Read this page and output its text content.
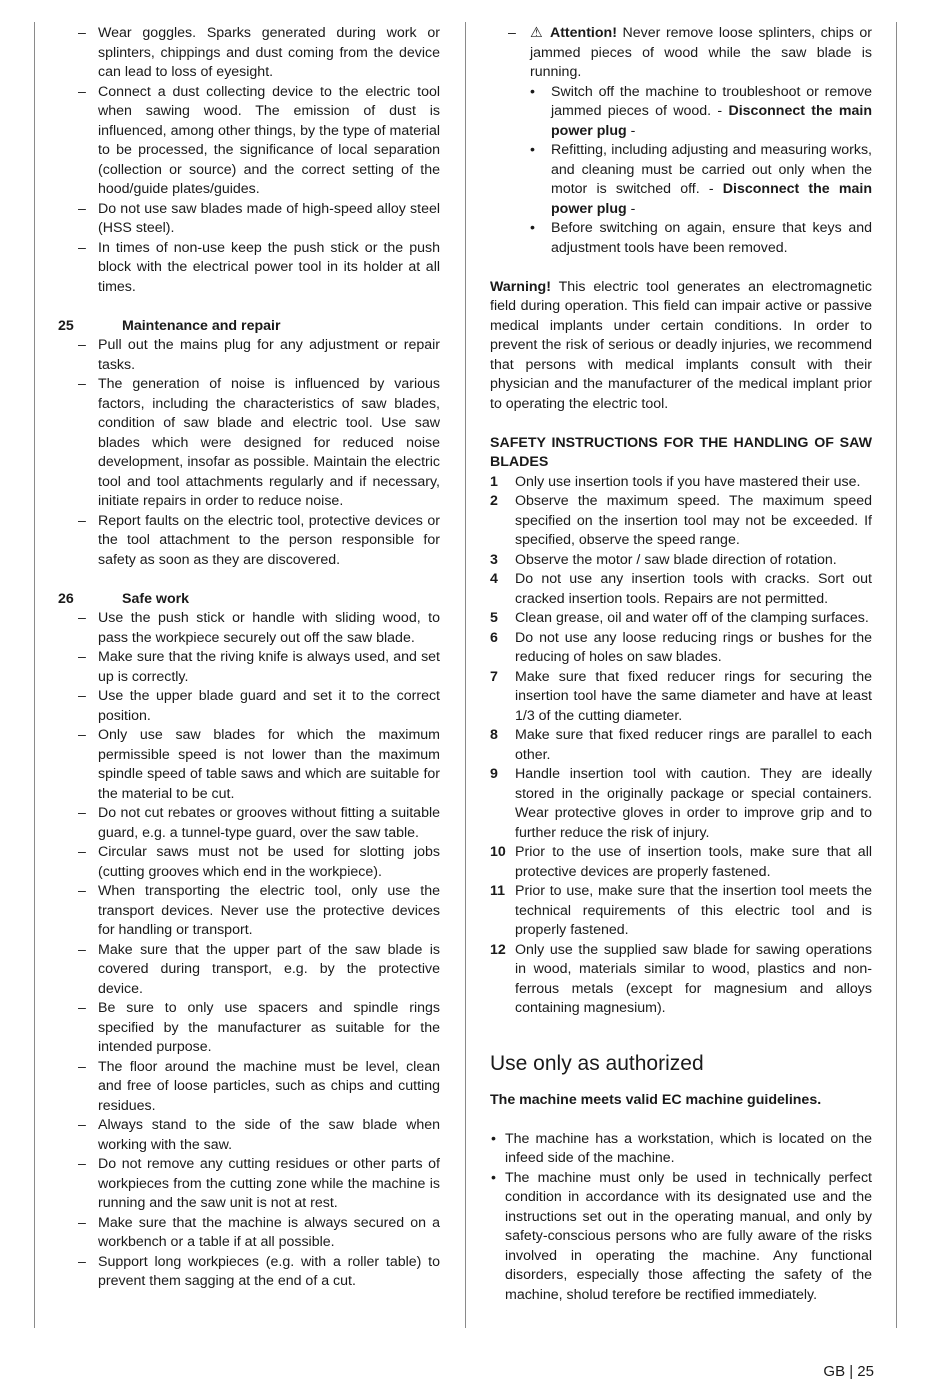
– Wear goggles. Sparks generated during work or splinters, chippings and dust coming from the device can lead to loss of eyesight.
– Connect a dust collecting device to the electric tool when sawing wood. The emission of dust is influenced, among other things, by the type of material to be processed, the significance of local separation (collection or source) and the correct setting of the hood/guide plates/guides.
– Do not use saw blades made of high-speed alloy steel (HSS steel).
– In times of non-use keep the push stick or the push block with the electrical power tool in its holder at all times.
25	Maintenance and repair
– Pull out the mains plug for any adjustment or repair tasks.
– The generation of noise is influenced by various factors, including the characteristics of saw blades, condition of saw blade and electric tool. Use saw blades which were designed for reduced noise development, insofar as possible. Maintain the electric tool and tool attachments regularly and if necessary, initiate repairs in order to reduce noise.
– Report faults on the electric tool, protective devices or the tool attachment to the person responsible for safety as soon as they are discovered.
26	Safe work
– Use the push stick or handle with sliding wood, to pass the workpiece securely out off the saw blade.
– Make sure that the riving knife is always used, and set up is correctly.
– Use the upper blade guard and set it to the correct position.
– Only use saw blades for which the maximum permissible speed is not lower than the maximum spindle speed of table saws and which are suitable for the material to be cut.
– Do not cut rebates or grooves without fitting a suitable guard, e.g. a tunnel-type guard, over the saw table.
– Circular saws must not be used for slotting jobs (cutting grooves which end in the workpiece).
– When transporting the electric tool, only use the transport devices. Never use the protective devices for handling or transport.
– Make sure that the upper part of the saw blade is covered during transport, e.g. by the protective device.
– Be sure to only use spacers and spindle rings specified by the manufacturer as suitable for the intended purpose.
– The floor around the machine must be level, clean and free of loose particles, such as chips and cutting residues.
– Always stand to the side of the saw blade when working with the saw.
– Do not remove any cutting residues or other parts of workpieces from the cutting zone while the machine is running and the saw unit is not at rest.
– Make sure that the machine is always secured on a workbench or a table if at all possible.
– Support long workpieces (e.g. with a roller table) to prevent them sagging at the end of a cut.
– ⚠ Attention! Never remove loose splinters, chips or jammed pieces of wood while the saw blade is running.
• Switch off the machine to troubleshoot or remove jammed pieces of wood. - Disconnect the main power plug -
• Refitting, including adjusting and measuring works, and cleaning must be carried out only when the motor is switched off. - Disconnect the main power plug -
• Before switching on again, ensure that keys and adjustment tools have been removed.
Warning! This electric tool generates an electromagnetic field during operation. This field can impair active or passive medical implants under certain conditions. In order to prevent the risk of serious or deadly injuries, we recommend that persons with medical implants consult with their physician and the manufacturer of the medical implant prior to operating the electric tool.
SAFETY INSTRUCTIONS FOR THE HANDLING OF SAW BLADES
1	Only use insertion tools if you have mastered their use.
2	Observe the maximum speed. The maximum speed specified on the insertion tool may not be exceeded. If specified, observe the speed range.
3	Observe the motor / saw blade direction of rotation.
4	Do not use any insertion tools with cracks. Sort out cracked insertion tools. Repairs are not permitted.
5	Clean grease, oil and water off of the clamping surfaces.
6	Do not use any loose reducing rings or bushes for the reducing of holes on saw blades.
7	Make sure that fixed reducer rings for securing the insertion tool have the same diameter and have at least 1/3 of the cutting diameter.
8	Make sure that fixed reducer rings are parallel to each other.
9	Handle insertion tool with caution. They are ideally stored in the originally package or special containers. Wear protective gloves in order to improve grip and to further reduce the risk of injury.
10 Prior to the use of insertion tools, make sure that all protective devices are properly fastened.
11 Prior to use, make sure that the insertion tool meets the technical requirements of this electric tool and is properly fastened.
12 Only use the supplied saw blade for sawing operations in wood, materials similar to wood, plastics and non-ferrous metals (except for magnesium and alloys containing magnesium).
Use only as authorized
The machine meets valid EC machine guidelines.
• The machine has a workstation, which is located on the infeed side of the machine.
• The machine must only be used in technically perfect condition in accordance with its designated use and the instructions set out in the operating manual, and only by safety-conscious persons who are fully aware of the risks involved in operating the machine. Any functional disorders, especially those affecting the safety of the machine, sholud terefore be rectified immediately.
GB | 25
